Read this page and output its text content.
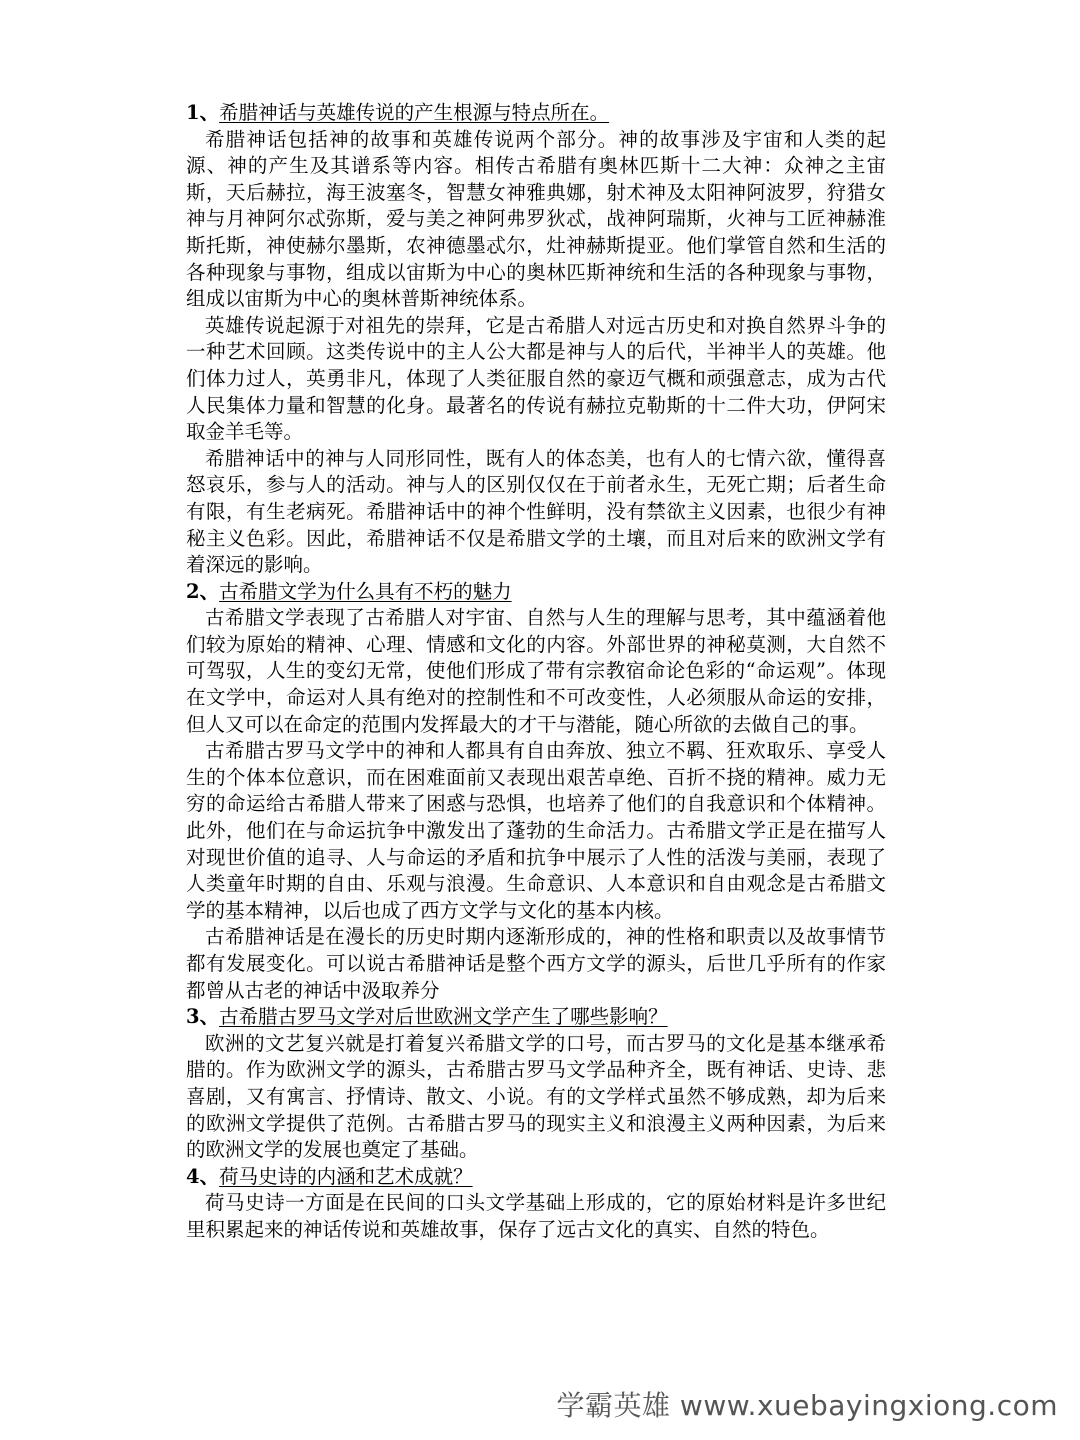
1、希腊神话与英雄传说的产生根源与特点所在。

希腊神话包括神的故事和英雄传说两个部分。神的故事涉及宇宙和人类的起源、神的产生及其谱系等内容。相传古希腊有奥林匹斯十二大神：众神之主宙斯，天后赫拉，海王波塞冬，智慧女神雅典娜，射术神及太阳神阿波罗，狩猎女神与月神阿尔忒弥斯，爱与美之神阿弗罗狄忒，战神阿瑞斯，火神与工匠神赫淮斯托斯，神使赫尔墨斯，农神德墨忒尔，灶神赫斯提亚。他们掌管自然和生活的各种现象与事物，组成以宙斯为中心的奥林匹斯神统和生活的各种现象与事物，组成以宙斯为中心的奥林普斯神统体系。

英雄传说起源于对祖先的崇拜，它是古希腊人对远古历史和对换自然界斗争的一种艺术回顾。这类传说中的主人公大都是神与人的后代，半神半人的英雄。他们体力过人，英勇非凡，体现了人类征服自然的豪迈气概和顽强意志，成为古代人民集体力量和智慧的化身。最著名的传说有赫拉克勒斯的十二件大功，伊阿宋取金羊毛等。

希腊神话中的神与人同形同性，既有人的体态美，也有人的七情六欲，懂得喜怒哀乐，参与人的活动。神与人的区别仅仅在于前者永生，无死亡期；后者生命有限，有生老病死。希腊神话中的神个性鲜明，没有禁欲主义因素，也很少有神秘主义色彩。因此，希腊神话不仅是希腊文学的土壤，而且对后来的欧洲文学有着深远的影响。

2、古希腊文学为什么具有不朽的魅力

古希腊文学表现了古希腊人对宇宙、自然与人生的理解与思考，其中蕴涵着他们较为原始的精神、心理、情感和文化的内容。外部世界的神秘莫测，大自然不可驾驭，人生的变幻无常，使他们形成了带有宗教宿命论色彩的“命运观”。体现在文学中，命运对人具有绝对的控制性和不可改变性，人必须服从命运的安排，但人又可以在命定的范围内发挥最大的才干与潜能，随心所欲的去做自己的事。

古希腊古罗马文学中的神和人都具有自由奔放、独立不羁、狂欢取乐、享受人生的个体本位意识，而在困难面前又表现出艰苦卓绝、百折不挠的精神。威力无穷的命运给古希腊人带来了困惑与恐惧，也培养了他们的自我意识和个体精神。此外，他们在与命运抗争中激发出了蓬勃的生命活力。古希腊文学正是在描写人对现世价值的追寻、人与命运的矛盾和抗争中展示了人性的活泼与美丽，表现了人类童年时期的自由、乐观与浪漫。生命意识、人本意识和自由观念是古希腊文学的基本精神，以后也成了西方文学与文化的基本内核。

古希腊神话是在漫长的历史时期内逐渐形成的，神的性格和职责以及故事情节都有发展变化。可以说古希腊神话是整个西方文学的源头，后世几乎所有的作家都曾从古老的神话中汲取养分

3、古希腊古罗马文学对后世欧洲文学产生了哪些影响？

欧洲的文艺复兴就是打着复兴希腊文学的口号，而古罗马的文化是基本继承希腊的。作为欧洲文学的源头，古希腊古罗马文学品种齐全，既有神话、史诗、悲喜剧，又有寓言、抒情诗、散文、小说。有的文学样式虽然不够成熟，却为后来的欧洲文学提供了范例。古希腊古罗马的现实主义和浪漫主义两种因素，为后来的欧洲文学的发展也奠定了基础。

4、荷马史诗的内涵和艺术成就？

荷马史诗一方面是在民间的口头文学基础上形成的，它的原始材料是许多世纪里积累起来的神话传说和英雄故事，保存了远古文化的真实、自然的特色。

学霸英雄 www.xuebayingxiong.com
